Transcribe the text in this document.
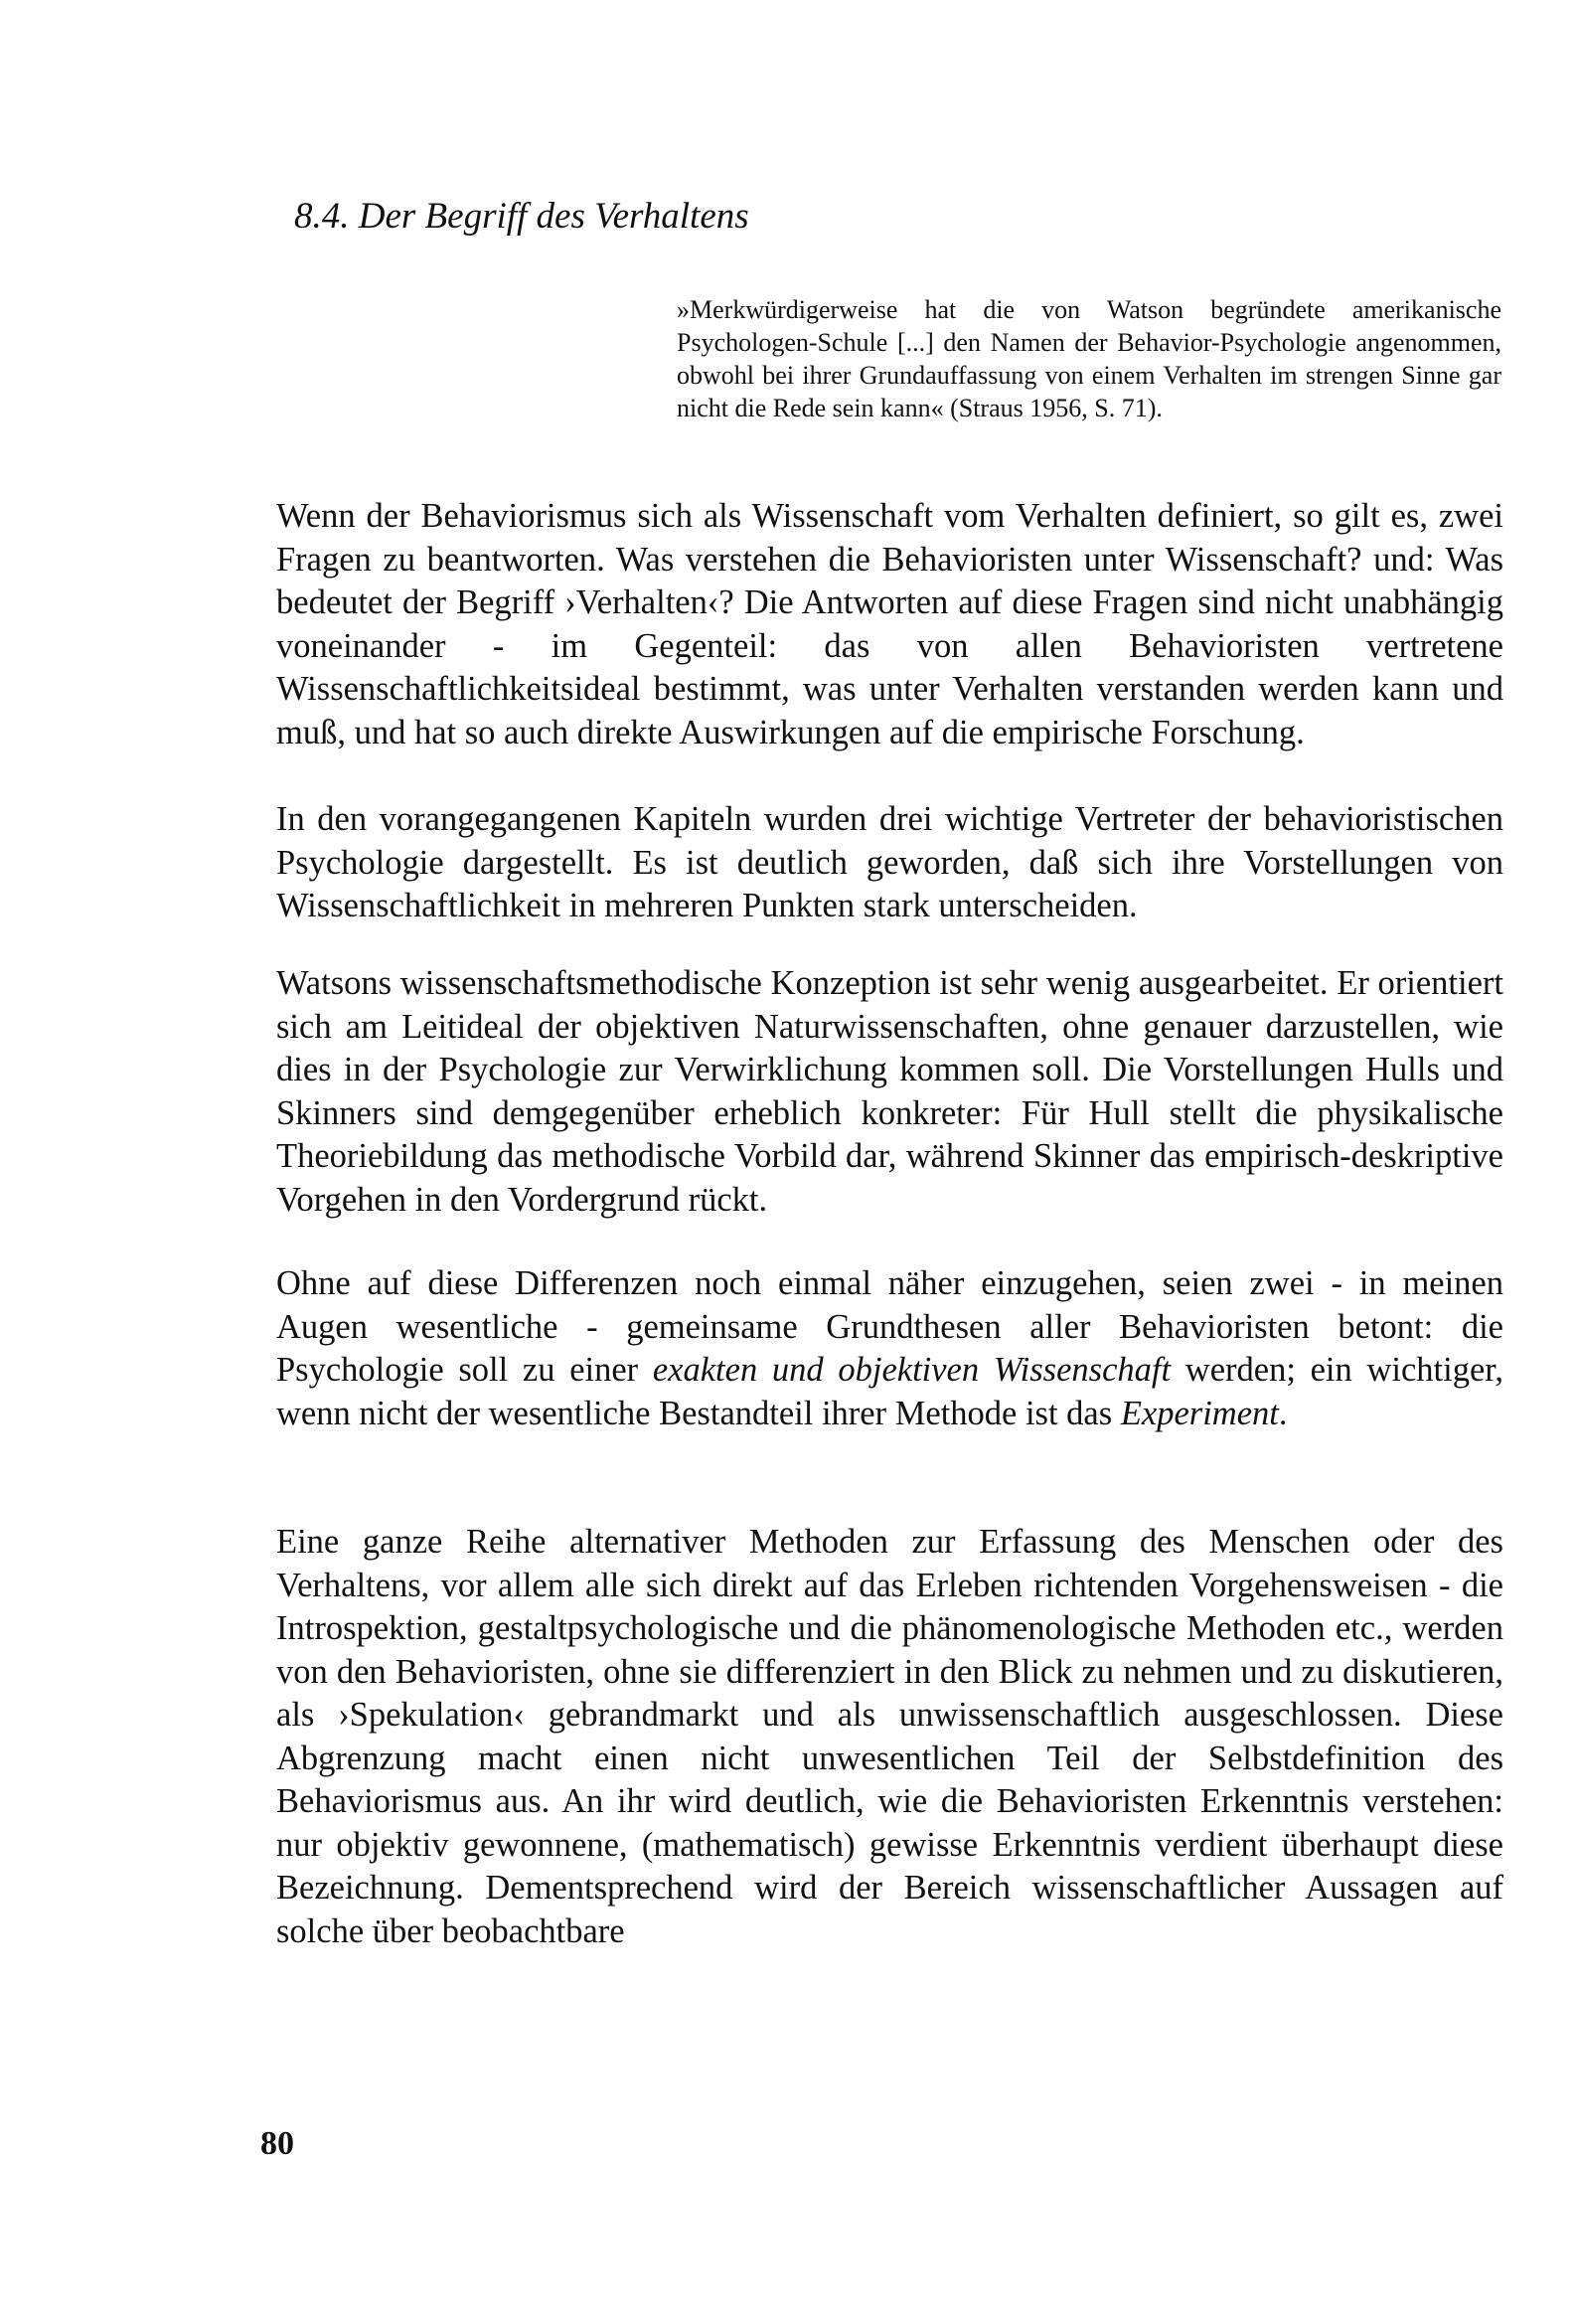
8.4. Der Begriff des Verhaltens

»Merkwürdigerweise hat die von Watson begründete amerikanische Psychologen-Schule [...] den Namen der Behavior-Psychologie angenommen, obwohl bei ihrer Grundauffassung von einem Verhalten im strengen Sinne gar nicht die Rede sein kann« (Straus 1956, S. 71).

Wenn der Behaviorismus sich als Wissenschaft vom Verhalten definiert, so gilt es, zwei Fragen zu beantworten. Was verstehen die Behavioristen unter Wissenschaft? und: Was bedeutet der Begriff ›Verhalten‹? Die Antworten auf diese Fragen sind nicht unabhängig voneinander - im Gegenteil: das von allen Behavioristen vertretene Wissenschaftlichkeitsideal bestimmt, was unter Verhalten verstanden werden kann und muß, und hat so auch direkte Auswirkungen auf die empirische Forschung.

In den vorangegangenen Kapiteln wurden drei wichtige Vertreter der behavioristischen Psychologie dargestellt. Es ist deutlich geworden, daß sich ihre Vorstellungen von Wissenschaftlichkeit in mehreren Punkten stark unterscheiden.

Watsons wissenschaftsmethodische Konzeption ist sehr wenig ausgearbeitet. Er orientiert sich am Leitideal der objektiven Naturwissenschaften, ohne genauer darzustellen, wie dies in der Psychologie zur Verwirklichung kommen soll. Die Vorstellungen Hulls und Skinners sind demgegenüber erheblich konkreter: Für Hull stellt die physikalische Theoriebildung das methodische Vorbild dar, während Skinner das empirisch-deskriptive Vorgehen in den Vordergrund rückt.

Ohne auf diese Differenzen noch einmal näher einzugehen, seien zwei - in meinen Augen wesentliche - gemeinsame Grundthesen aller Behavioristen betont: die Psychologie soll zu einer exakten und objektiven Wissenschaft werden; ein wichtiger, wenn nicht der wesentliche Bestandteil ihrer Methode ist das Experiment.

Eine ganze Reihe alternativer Methoden zur Erfassung des Menschen oder des Verhaltens, vor allem alle sich direkt auf das Erleben richtenden Vorgehensweisen - die Introspektion, gestaltpsychologische und die phänomenologische Methoden etc., werden von den Behavioristen, ohne sie differenziert in den Blick zu nehmen und zu diskutieren, als ›Spekulation‹ gebrandmarkt und als unwissenschaftlich ausgeschlossen. Diese Abgrenzung macht einen nicht unwesentlichen Teil der Selbstdefinition des Behaviorismus aus. An ihr wird deutlich, wie die Behavioristen Erkenntnis verstehen: nur objektiv gewonnene, (mathematisch) gewisse Erkenntnis verdient überhaupt diese Bezeichnung. Dementsprechend wird der Bereich wissenschaftlicher Aussagen auf solche über beobachtbare

80
